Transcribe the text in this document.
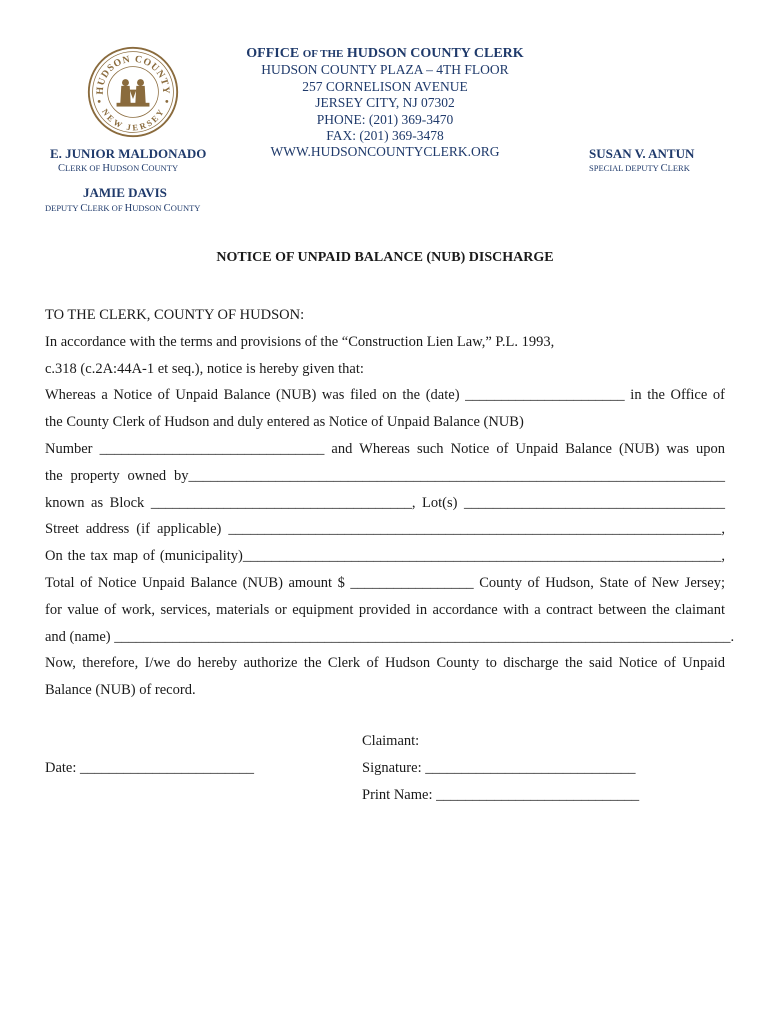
HUDSON COUNTY
NEW JERSEY
OFFICE OF THE HUDSON COUNTY CLERK
HUDSON COUNTY PLAZA – 4TH FLOOR
257 CORNELISON AVENUE
JERSEY CITY, NJ 07302
PHONE: (201) 369-3470
FAX: (201) 369-3478
WWW.HUDSONCOUNTYCLERK.ORG
E. JUNIOR MALDONADO
CLERK OF HUDSON COUNTY
JAMIE DAVIS
DEPUTY CLERK OF HUDSON COUNTY
SUSAN V. ANTUN
SPECIAL DEPUTY CLERK
NOTICE OF UNPAID BALANCE (NUB) DISCHARGE
TO THE CLERK, COUNTY OF HUDSON:
In accordance with the terms and provisions of the “Construction Lien Law,” P.L. 1993,
c.318 (c.2A:44A-1 et seq.), notice is hereby given that:
Whereas a Notice of Unpaid Balance (NUB) was filed on the (date) ______________________ in the Office of
the County Clerk of Hudson and duly entered as Notice of Unpaid Balance (NUB)
Number _______________________________ and Whereas such Notice of Unpaid Balance (NUB) was upon
the property owned by__________________________________________________________________________
known as Block ____________________________________, Lot(s) ____________________________________
Street address (if applicable) ____________________________________________________________________,
On the tax map of (municipality)__________________________________________________________________,
Total of Notice Unpaid Balance (NUB) amount $ _________________ County of Hudson, State of New Jersey;
for value of work, services, materials or equipment provided in accordance with a contract between the claimant
and (name) _____________________________________________________________________________________.
Now, therefore, I/we do hereby authorize the Clerk of Hudson County to discharge the said Notice of Unpaid
Balance (NUB) of record.
Claimant:
Date: ________________________	Signature: _____________________________
Print Name: ____________________________
